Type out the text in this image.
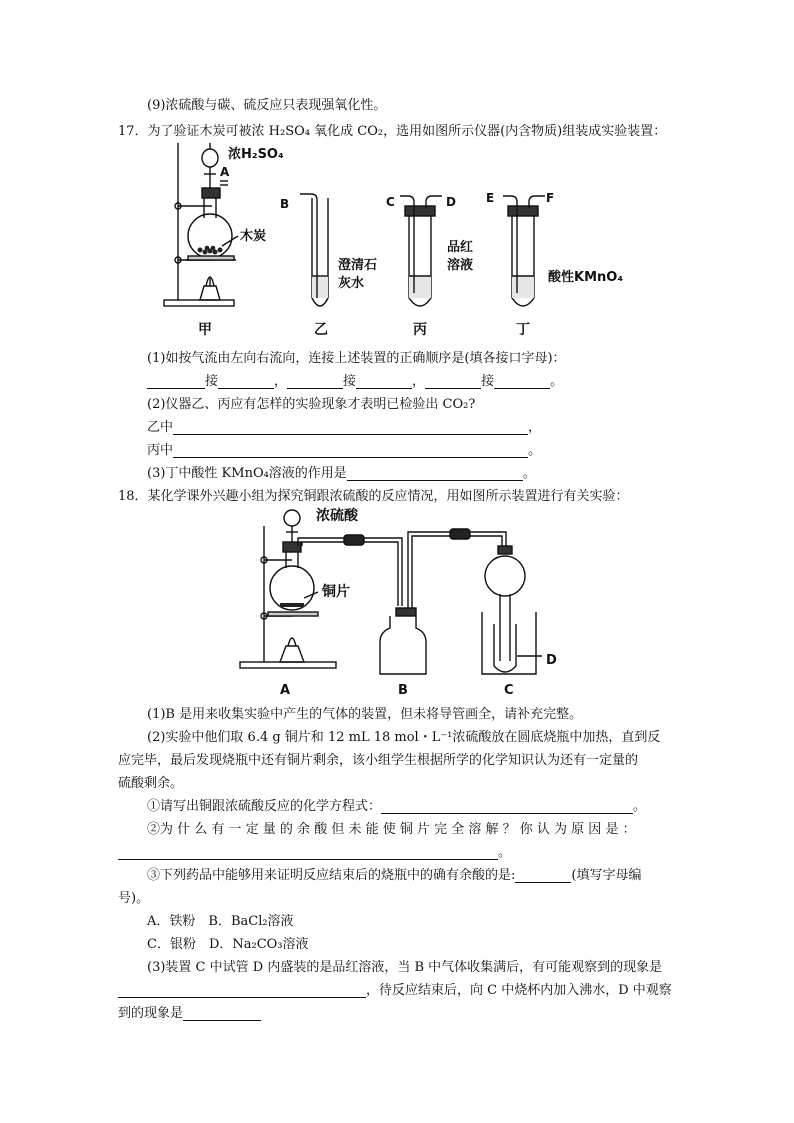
(9)浓硫酸与碳、硫反应只表现强氧化性。
17．为了验证木炭可被浓 H₂SO₄ 氧化成 CO₂，选用如图所示仪器(内含物质)组装成实验装置：
浓H₂SO₄
A
木炭
B	C	D	E	F
澄清石
灰水
品红
溶液
酸性KMnO₄
甲	乙	丙	丁
(1)如按气流由左向右流向，连接上述装置的正确顺序是(填各接口字母)：
接	，	接	，	接	。
(2)仪器乙、丙应有怎样的实验现象才表明已检验出 CO₂?
乙中	，
丙中	。
(3)丁中酸性 KMnO₄溶液的作用是	。
18．某化学课外兴趣小组为探究铜跟浓硫酸的反应情况，用如图所示装置进行有关实验：
浓硫酸
铜片
D
A	B	C
(1)B 是用来收集实验中产生的气体的装置，但未将导管画全，请补充完整。
(2)实验中他们取 6.4 g 铜片和 12 mL 18 mol・L⁻¹浓硫酸放在圆底烧瓶中加热，直到反
应完毕，最后发现烧瓶中还有铜片剩余，该小组学生根据所学的化学知识认为还有一定量的
硫酸剩余。
①请写出铜跟浓硫酸反应的化学方程式：	。
②为 什 么 有 一 定 量 的 余 酸 但 未 能 使 铜 片 完 全 溶 解 ？ 你 认 为 原 因 是 ：
。
③下列药品中能够用来证明反应结束后的烧瓶中的确有余酸的是:	(填写字母编
号)。
A．铁粉　B．BaCl₂溶液
C．银粉　D．Na₂CO₃溶液
(3)装置 C 中试管 D 内盛装的是品红溶液，当 B 中气体收集满后，有可能观察到的现象是
，待反应结束后，向 C 中烧杯内加入沸水，D 中观察
到的现象是
